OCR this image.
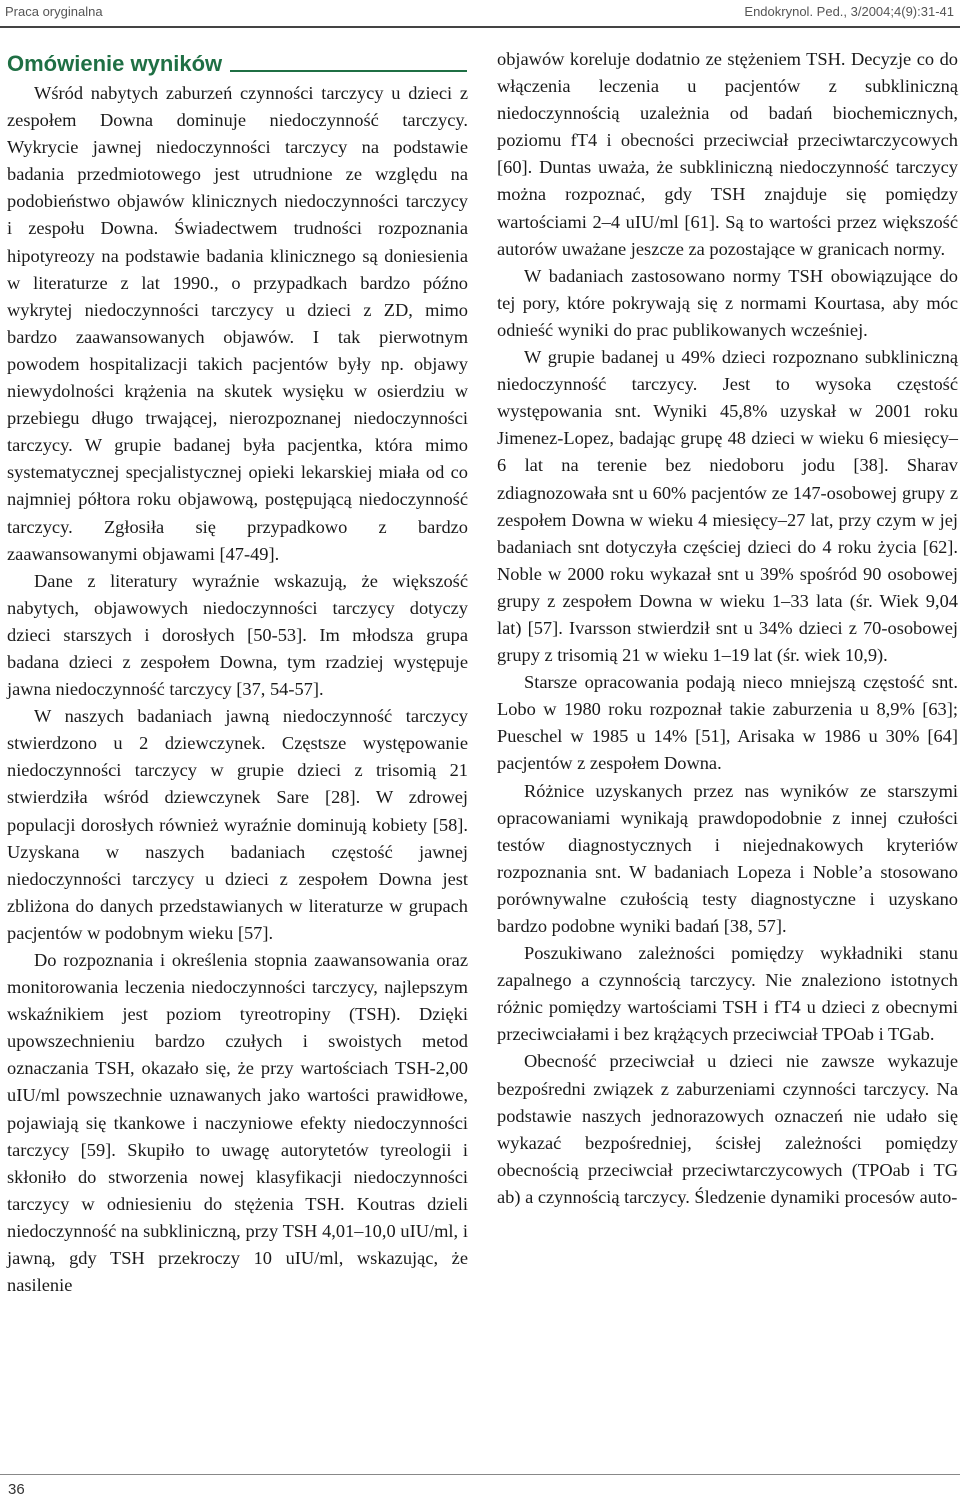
Praca oryginalna	Endokrynol. Ped., 3/2004;4(9):31-41
Omówienie wyników

Wśród nabytych zaburzeń czynności tarczycy u dzieci z zespołem Downa dominuje niedoczynność tarczycy. Wykrycie jawnej niedoczynności tarczycy na podstawie badania przedmiotowego jest utrudnione ze względu na podobieństwo objawów klinicznych niedoczynności tarczycy i zespołu Downa. Świadectwem trudności rozpoznania hipotyreozy na podstawie badania klinicznego są doniesienia w literaturze z lat 1990., o przypadkach bardzo późno wykrytej niedoczynności tarczycy u dzieci z ZD, mimo bardzo zaawansowanych objawów. I tak pierwotnym powodem hospitalizacji takich pacjentów były np. objawy niewydolności krążenia na skutek wysięku w osierdziu w przebiegu długo trwającej, nierozpoznanej niedoczynności tarczycy. W grupie badanej była pacjentka, która mimo systematycznej specjalistycznej opieki lekarskiej miała od co najmniej półtora roku objawową, postępującą niedoczynność tarczycy. Zgłosiła się przypadkowo z bardzo zaawansowanymi objawami [47-49].

Dane z literatury wyraźnie wskazują, że większość nabytych, objawowych niedoczynności tarczycy dotyczy dzieci starszych i dorosłych [50-53]. Im młodsza grupa badana dzieci z zespołem Downa, tym rzadziej występuje jawna niedoczynność tarczycy [37, 54-57].

W naszych badaniach jawną niedoczynność tarczycy stwierdzono u 2 dziewczynek. Częstsze występowanie niedoczynności tarczycy w grupie dzieci z trisomią 21 stwierdziła wśród dziewczynek Sare [28]. W zdrowej populacji dorosłych również wyraźnie dominują kobiety [58]. Uzyskana w naszych badaniach częstość jawnej niedoczynności tarczycy u dzieci z zespołem Downa jest zbliżona do danych przedstawianych w literaturze w grupach pacjentów w podobnym wieku [57].

Do rozpoznania i określenia stopnia zaawansowania oraz monitorowania leczenia niedoczynności tarczycy, najlepszym wskaźnikiem jest poziom tyreotropiny (TSH). Dzięki upowszechnieniu bardzo czułych i swoistych metod oznaczania TSH, okazało się, że przy wartościach TSH-2,00 uIU/ml powszechnie uznawanych jako wartości prawidłowe, pojawiają się tkankowe i naczyniowe efekty niedoczynności tarczycy [59]. Skupiło to uwagę autorytetów tyreologii i skłoniło do stworzenia nowej klasyfikacji niedoczynności tarczycy w odniesieniu do stężenia TSH. Koutras dzieli niedoczynność na subkliniczną, przy TSH 4,01–10,0 uIU/ml, i jawną, gdy TSH przekroczy 10 uIU/ml, wskazując, że nasilenie

objawów koreluje dodatnio ze stężeniem TSH. Decyzje co do włączenia leczenia u pacjentów z subkliniczną niedoczynnością uzależnia od badań biochemicznych, poziomu fT4 i obecności przeciwciał przeciwtarczycowych [60]. Duntas uważa, że subkliniczną niedoczynność tarczycy można rozpoznać, gdy TSH znajduje się pomiędzy wartościami 2–4 uIU/ml [61]. Są to wartości przez większość autorów uważane jeszcze za pozostające w granicach normy.

W badaniach zastosowano normy TSH obowiązujące do tej pory, które pokrywają się z normami Kourtasa, aby móc odnieść wyniki do prac publikowanych wcześniej.

W grupie badanej u 49% dzieci rozpoznano subkliniczną niedoczynność tarczycy. Jest to wysoka częstość występowania snt. Wyniki 45,8% uzyskał w 2001 roku Jimenez-Lopez, badając grupę 48 dzieci w wieku 6 miesięcy–6 lat na terenie bez niedoboru jodu [38]. Sharav zdiagnozowała snt u 60% pacjentów ze 147-osobowej grupy z zespołem Downa w wieku 4 miesięcy–27 lat, przy czym w jej badaniach snt dotyczyła częściej dzieci do 4 roku życia [62]. Noble w 2000 roku wykazał snt u 39% spośród 90 osobowej grupy z zespołem Downa w wieku 1–33 lata (śr. Wiek 9,04 lat) [57]. Ivarsson stwierdził snt u 34% dzieci z 70-osobowej grupy z trisomią 21 w wieku 1–19 lat (śr. wiek 10,9).

Starsze opracowania podają nieco mniejszą częstość snt. Lobo w 1980 roku rozpoznał takie zaburzenia u 8,9% [63]; Pueschel w 1985 u 14% [51], Arisaka w 1986 u 30% [64] pacjentów z zespołem Downa.

Różnice uzyskanych przez nas wyników ze starszymi opracowaniami wynikają prawdopodobnie z innej czułości testów diagnostycznych i niejednakowych kryteriów rozpoznania snt. W badaniach Lopeza i Noble’a stosowano porównywalne czułością testy diagnostyczne i uzyskano bardzo podobne wyniki badań [38, 57].

Poszukiwano zależności pomiędzy wykładniki stanu zapalnego a czynnością tarczycy. Nie znaleziono istotnych różnic pomiędzy wartościami TSH i fT4 u dzieci z obecnymi przeciwciałami i bez krążących przeciwciał TPOab i TGab.

Obecność przeciwciał u dzieci nie zawsze wykazuje bezpośredni związek z zaburzeniami czynności tarczycy. Na podstawie naszych jednorazowych oznaczeń nie udało się wykazać bezpośredniej, ścisłej zależności pomiędzy obecnością przeciwciał przeciwtarczycowych (TPOab i TG ab) a czynnością tarczycy. Śledzenie dynamiki procesów auto-

36
